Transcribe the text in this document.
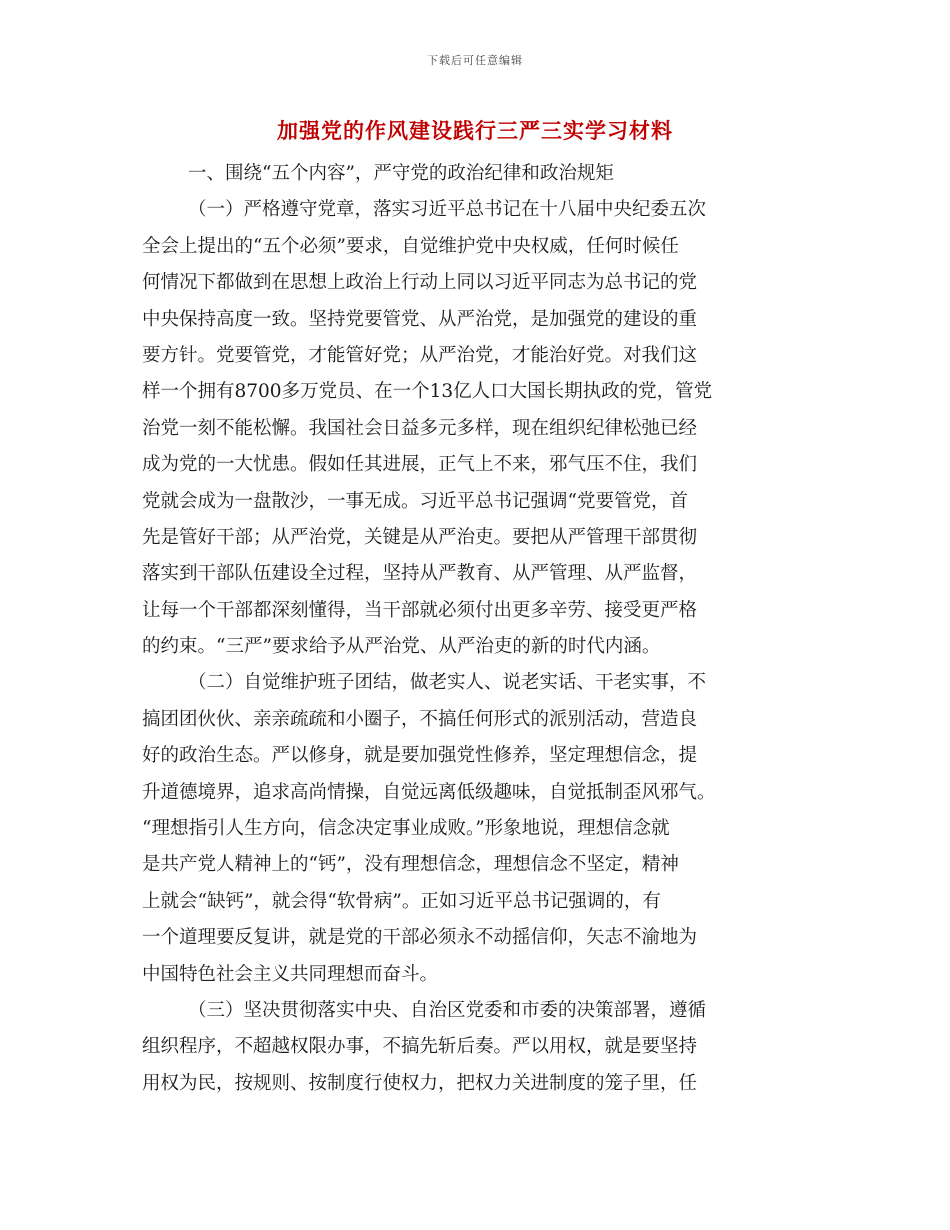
下载后可任意编辑
加强党的作风建设践行三严三实学习材料
一、围绕“五个内容”，严守党的政治纪律和政治规矩
（一）严格遵守党章，落实习近平总书记在十八届中央纪委五次
全会上提出的“五个必须”要求，自觉维护党中央权威，任何时候任
何情况下都做到在思想上政治上行动上同以习近平同志为总书记的党
中央保持高度一致。坚持党要管党、从严治党，是加强党的建设的重
要方针。党要管党，才能管好党；从严治党，才能治好党。对我们这
样一个拥有8700多万党员、在一个13亿人口大国长期执政的党，管党
治党一刻不能松懈。我国社会日益多元多样，现在组织纪律松弛已经
成为党的一大忧患。假如任其进展，正气上不来，邪气压不住，我们
党就会成为一盘散沙，一事无成。习近平总书记强调“党要管党，首
先是管好干部；从严治党，关键是从严治吏。要把从严管理干部贯彻
落实到干部队伍建设全过程，坚持从严教育、从严管理、从严监督，
让每一个干部都深刻懂得，当干部就必须付出更多辛劳、接受更严格
的约束。“三严”要求给予从严治党、从严治吏的新的时代内涵。
（二）自觉维护班子团结，做老实人、说老实话、干老实事，不
搞团团伙伙、亲亲疏疏和小圈子，不搞任何形式的派别活动，营造良
好的政治生态。严以修身，就是要加强党性修养，坚定理想信念，提
升道德境界，追求高尚情操，自觉远离低级趣味，自觉抵制歪风邪气。
“理想指引人生方向，信念决定事业成败。”形象地说，理想信念就
是共产党人精神上的“钙”，没有理想信念，理想信念不坚定，精神
上就会“缺钙”，就会得“软骨病”。正如习近平总书记强调的，有
一个道理要反复讲，就是党的干部必须永不动摇信仰，矢志不渝地为
中国特色社会主义共同理想而奋斗。
（三）坚决贯彻落实中央、自治区党委和市委的决策部署，遵循
组织程序，不超越权限办事，不搞先斩后奏。严以用权，就是要坚持
用权为民，按规则、按制度行使权力，把权力关进制度的笼子里，任
